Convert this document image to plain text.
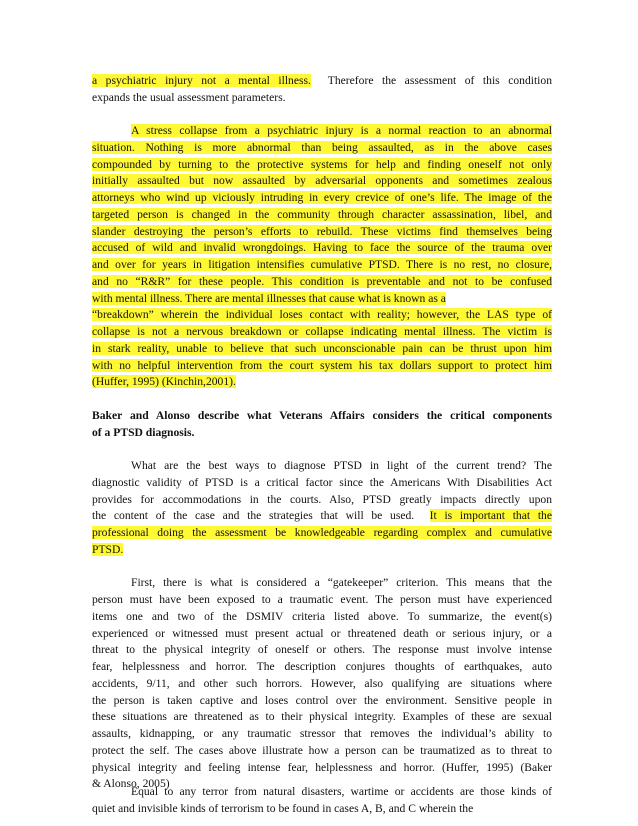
a psychiatric injury not a mental illness.  Therefore the assessment of this condition
expands the usual assessment parameters.
A stress collapse from a psychiatric injury is a normal reaction to an abnormal
situation. Nothing is more abnormal than being assaulted, as in the above cases
compounded by turning to the protective systems for help and finding oneself not only
initially assaulted but now assaulted by adversarial opponents and sometimes zealous
attorneys who wind up viciously intruding in every crevice of one’s life. The image of the
targeted person is changed in the community through character assassination, libel, and
slander destroying the person’s efforts to rebuild. These victims find themselves being
accused of wild and invalid wrongdoings. Having to face the source of the trauma over
and over for years in litigation intensifies cumulative PTSD. There is no rest, no closure,
and no “R&R” for these people. This condition is preventable and not to be confused
with mental illness. There are mental illnesses that cause what is known as a
“breakdown” wherein the individual loses contact with reality; however, the LAS type of
collapse is not a nervous breakdown or collapse indicating mental illness. The victim is
in stark reality, unable to believe that such unconscionable pain can be thrust upon him
with no helpful intervention from the court system his tax dollars support to protect him
(Huffer, 1995) (Kinchin,2001).
Baker and Alonso describe what Veterans Affairs considers the critical components
of a PTSD diagnosis.
What are the best ways to diagnose PTSD in light of the current trend? The
diagnostic validity of PTSD is a critical factor since the Americans With Disabilities Act
provides for accommodations in the courts. Also, PTSD greatly impacts directly upon
the content of the case and the strategies that will be used.  It is important that the
professional doing the assessment be knowledgeable regarding complex and cumulative
PTSD.
First, there is what is considered a “gatekeeper” criterion. This means that the
person must have been exposed to a traumatic event. The person must have experienced
items one and two of the DSMIV criteria listed above. To summarize, the event(s)
experienced or witnessed must present actual or threatened death or serious injury, or a
threat to the physical integrity of oneself or others. The response must involve intense
fear, helplessness and horror. The description conjures thoughts of earthquakes, auto
accidents, 9/11, and other such horrors. However, also qualifying are situations where
the person is taken captive and loses control over the environment. Sensitive people in
these situations are threatened as to their physical integrity. Examples of these are sexual
assaults, kidnapping, or any traumatic stressor that removes the individual’s ability to
protect the self. The cases above illustrate how a person can be traumatized as to threat to
physical integrity and feeling intense fear, helplessness and horror. (Huffer, 1995) (Baker
& Alonso, 2005)
quiet and invisible kinds of terrorism to be found in cases A, B, and C wherein the
Equal to any terror from natural disasters, wartime or accidents are those kinds of
